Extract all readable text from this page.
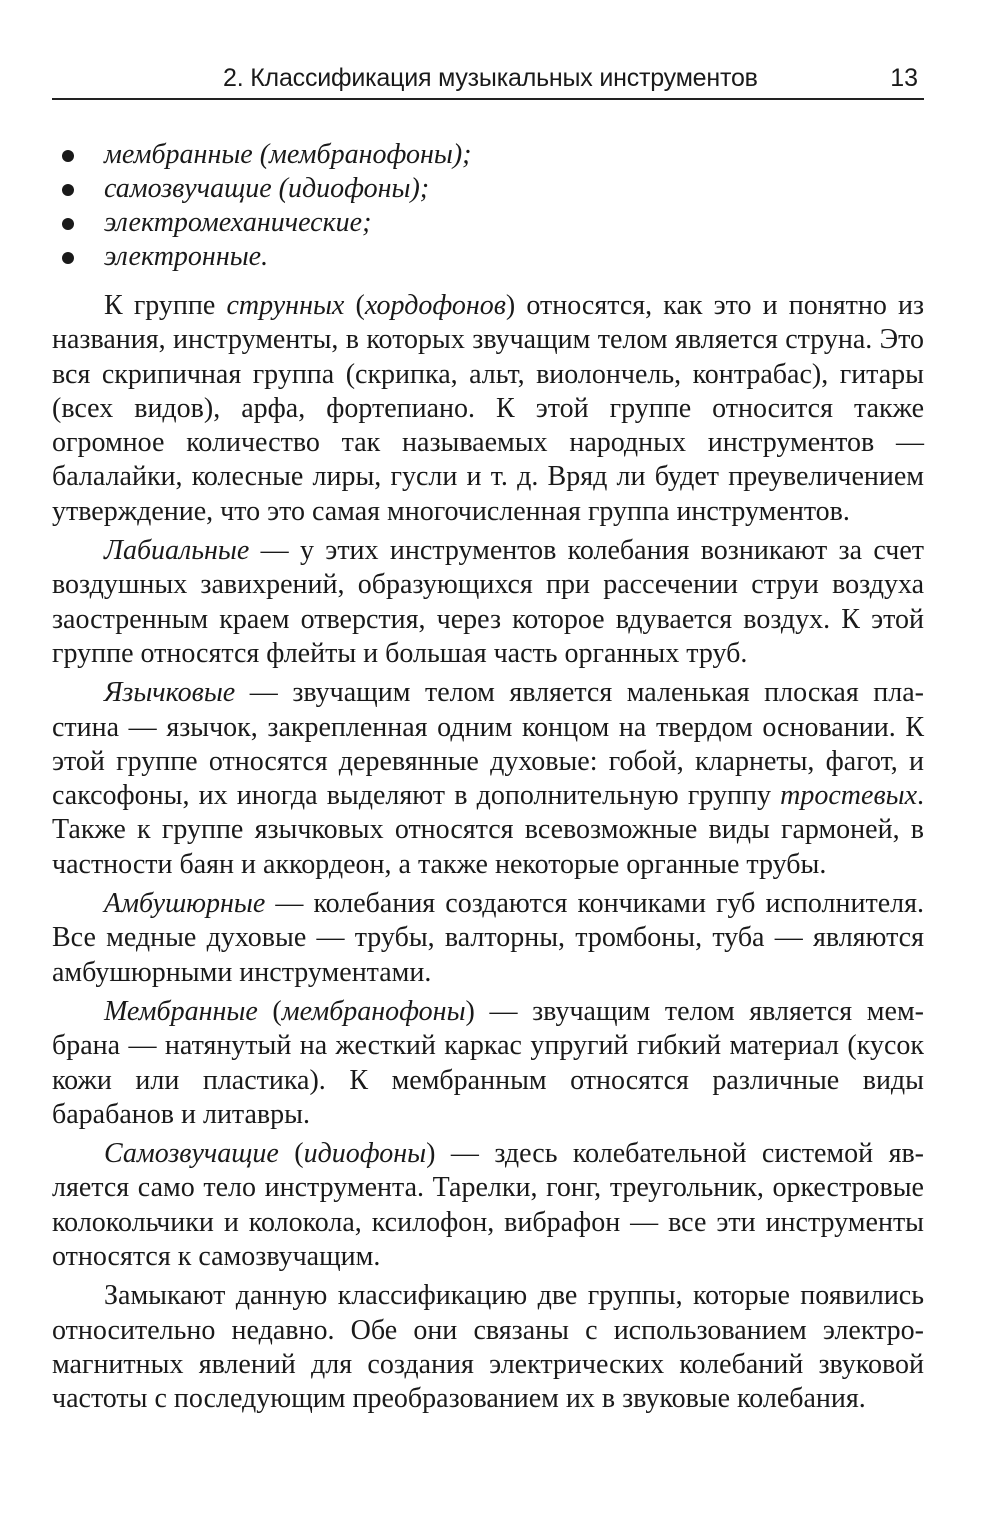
2. Классификация музыкальных инструментов	13
мембранные (мембранофоны);
самозвучащие (идиофоны);
электромеханические;
электронные.

К группе струнных (хордофонов) относятся, как это и понятно из названия, инструменты, в которых звучащим телом является струна. Это вся скрипичная группа (скрипка, альт, виолончель, контрабас), гитары (всех видов), арфа, фортепиано. К этой группе относится также огромное количество так называемых народных инструментов — балалайки, колесные лиры, гусли и т. д. Вряд ли будет преувеличением утверждение, что это самая многочисленная группа инструментов.

Лабиальные — у этих инструментов колебания возникают за счет воздушных завихрений, образующихся при рассечении струи воздуха заостренным краем отверстия, через которое вдувается воздух. К этой группе относятся флейты и большая часть органных труб.

Язычковые — звучащим телом является маленькая плоская пластина — язычок, закрепленная одним концом на твердом основании. К этой группе относятся деревянные духовые: гобой, кларнеты, фагот, и саксофоны, их иногда выделяют в дополнительную группу тростевых. Также к группе язычковых относятся всевозможные виды гармоней, в частности баян и аккордеон, а также некоторые органные трубы.

Амбушюрные — колебания создаются кончиками губ исполнителя. Все медные духовые — трубы, валторны, тромбоны, туба — являются амбушюрными инструментами.

Мембранные (мембранофоны) — звучащим телом является мембрана — натянутый на жесткий каркас упругий гибкий материал (кусок кожи или пластика). К мембранным относятся различные виды барабанов и литавры.

Самозвучащие (идиофоны) — здесь колебательной системой является само тело инструмента. Тарелки, гонг, треугольник, оркестровые колокольчики и колокола, ксилофон, вибрафон — все эти инструменты относятся к самозвучащим.

Замыкают данную классификацию две группы, которые появились относительно недавно. Обе они связаны с использованием электромагнитных явлений для создания электрических колебаний звуковой частоты с последующим преобразованием их в звуковые колебания.
